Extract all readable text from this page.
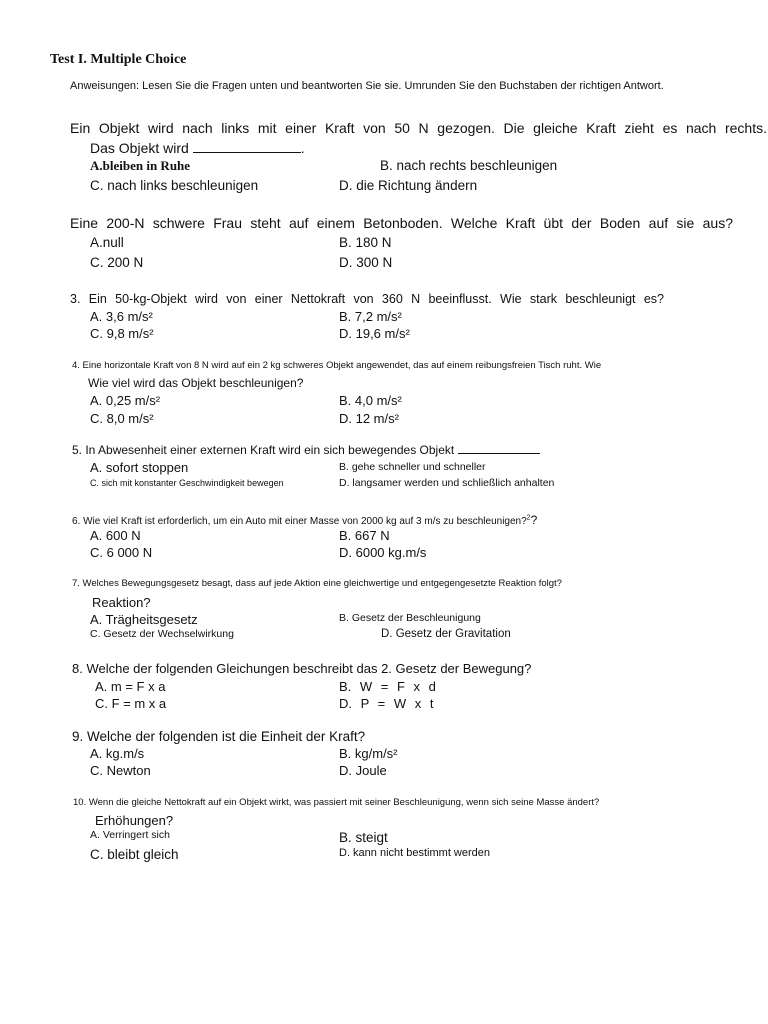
Test I. Multiple Choice
Anweisungen: Lesen Sie die Fragen unten und beantworten Sie sie. Umrunden Sie den Buchstaben der richtigen Antwort.
Ein Objekt wird nach links mit einer Kraft von 50 N gezogen. Die gleiche Kraft zieht es nach rechts.
Das Objekt wird	.
A.bleiben in Ruhe	B. nach rechts beschleunigen
C. nach links beschleunigen	D. die Richtung ändern
Eine 200-N schwere Frau steht auf einem Betonboden. Welche Kraft übt der Boden auf sie aus?
A.null	B. 180 N
C. 200 N	D. 300 N
3. Ein 50-kg-Objekt wird von einer Nettokraft von 360 N beeinflusst. Wie stark beschleunigt es?
A. 3,6 m/s²	B. 7,2 m/s²
C. 9,8 m/s²	D. 19,6 m/s²
4. Eine horizontale Kraft von 8 N wird auf ein 2 kg schweres Objekt angewendet, das auf einem reibungsfreien Tisch ruht. Wie
Wie viel wird das Objekt beschleunigen?
A. 0,25 m/s²	B. 4,0 m/s²
C. 8,0 m/s²	D. 12 m/s²
5. In Abwesenheit einer externen Kraft wird ein sich bewegendes Objekt
A. sofort stoppen	B. gehe schneller und schneller
C. sich mit konstanter Geschwindigkeit bewegen	D. langsamer werden und schließlich anhalten
6. Wie viel Kraft ist erforderlich, um ein Auto mit einer Masse von 2000 kg auf 3 m/s zu beschleunigen?$^2$?
A. 600 N	B. 667 N
C. 6 000 N	D. 6000 kg.m/s
7. Welches Bewegungsgesetz besagt, dass auf jede Aktion eine gleichwertige und entgegengesetzte Reaktion folgt?
Reaktion?
A. Trägheitsgesetz	B. Gesetz der Beschleunigung
C. Gesetz der Wechselwirkung	D. Gesetz der Gravitation
8. Welche der folgenden Gleichungen beschreibt das 2. Gesetz der Bewegung?
A. m = F x a	B. W = F x d
C. F = m x a	D. P = W x t
9. Welche der folgenden ist die Einheit der Kraft?
A. kg.m/s	B. kg/m/s²
C. Newton	D. Joule
10. Wenn die gleiche Nettokraft auf ein Objekt wirkt, was passiert mit seiner Beschleunigung, wenn sich seine Masse ändert?
Erhöhungen?
A. Verringert sich	B. steigt
C. bleibt gleich	D. kann nicht bestimmt werden
